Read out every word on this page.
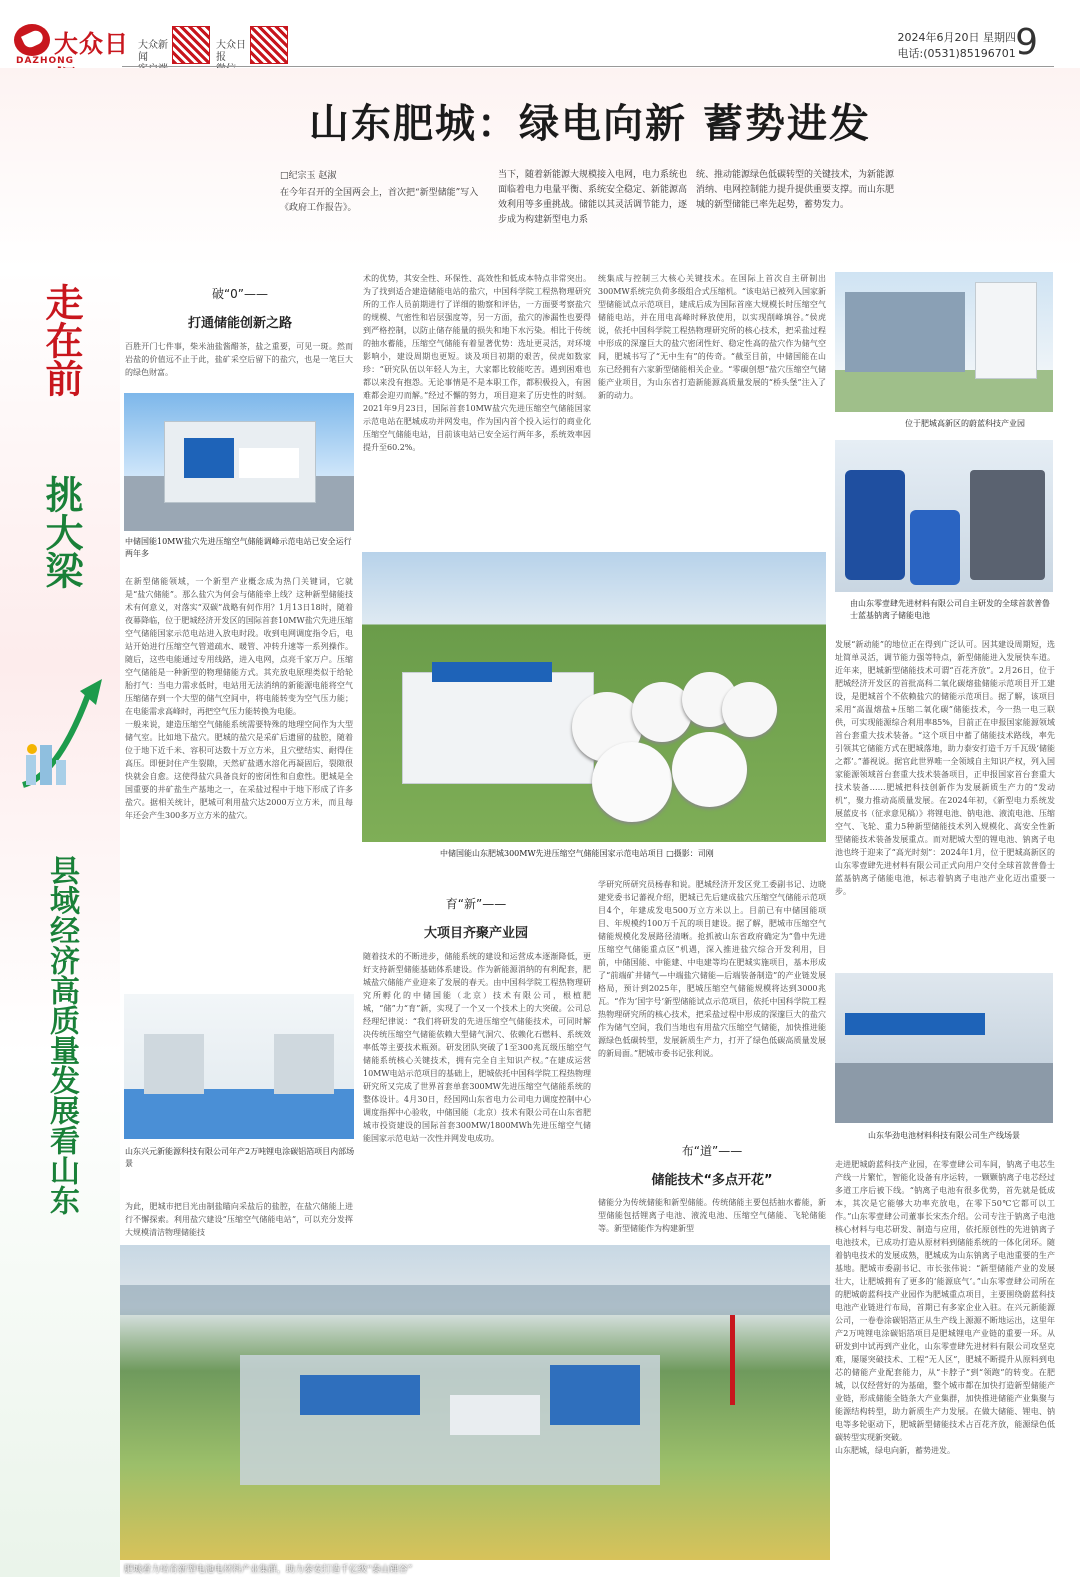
大众日
DAZHONG
大众新闻

大众日报

2024年6月20日 星期四
电话:(0531)85196701 9
山东肥城：绿电向新 蓄势进发
□纪宗玉 赵淑
在今年召开的全国两会上，首次把“新型储能”写入《政府工作报告》。
当下，随着新能源大规模接入电网，电力系统也面临着电力电量平衡、系统安全稳定、新能源高效利用等多重挑战。储能以其灵活调节能力，逐步成为构建新型电力系
统、推动能源绿色低碳转型的关键技术，为新能源消纳、电网控制能力提升提供重要支撑。而山东肥城的新型储能已率先起势，蓄势发力。
走在前
挑大梁
县域经济高质量发展看山东
破“0”——
打通储能创新之路
百胜开门七件事，柴米油盐酱醋茶，盐之重要，可见一斑。然而岩盐的价值远不止于此，盐矿采空后留下的盐穴，也是一笔巨大的绿色财富。
中储国能10MW盐穴先进压缩空气储能调峰示范电站已安全运行两年多
在新型储能领域，一个新型产业概念成为热门关键词，它就是“盐穴储能”。那么盐穴为何会与储能牵上线？这种新型储能技术有何意义，对落实“双碳”战略有何作用？1月13日18时，随着夜幕降临，位于肥城经济开发区的国际首套10MW盐穴先进压缩空气储能国家示范电站进入放电时段。收到电网调度指令后，电站开始进行压缩空气管道疏水、暖管、冲转升速等一系列操作。随后，这些电能通过专用线路，进入电网，点亮千家万户。压缩空气储能是一种新型的物理储能方式。其充放电原理类似于给轮胎打气：当电力需求低时，电站用无法消纳的新能源电能将空气压缩储存到一个大型的储气空间中，将电能转变为空气压力能；在电能需求高峰时，再把空气压力能转换为电能。
一般来说，建造压缩空气储能系统需要特殊的地理空间作为大型储气室。比如地下盐穴。肥城的盐穴是采矿后遗留的盐腔，随着位于地下近千米、容积可达数十万立方米，且穴壁结实、耐得住高压。即便封住产生裂隙，天然矿盐遇水溶化再凝固后，裂隙很快就会自愈。这使得盐穴具备良好的密闭性和自愈性。肥城是全国重要的井矿盐生产基地之一，在采盐过程中于地下形成了许多盐穴。据相关统计，肥城可利用盐穴达2000万立方米，而且每年还会产生300多万立方米的盐穴。
山东兴元新能源科技有限公司年产2万吨锂电涂碳铝箔项目内部场景
为此，肥城市把目光由制盐瞄向采盐后的盐腔，在盐穴储能上进行不懈探索。利用盐穴建设“压缩空气储能电站”，可以充分发挥大规模清洁物理储能技
术的优势，其安全性、环保性、高效性和低成本特点非常突出。为了找到适合建造储能电站的盐穴，中国科学院工程热物理研究所的工作人员前期进行了详细的勘察和评估，一方面要考察盐穴的规模、气密性和岩层强度等，另一方面，盐穴的渗漏性也要得到严格控制，以防止储存能量的损失和地下水污染。相比于传统的抽水蓄能，压缩空气储能有着显著优势：选址更灵活，对环境影响小，建设周期也更短。谈及项目初期的艰苦，侯虎如数家珍：“研究队伍以年轻人为主，大家都比较能吃苦。遇到困难也都以来没有抱怨。无论事情是不是本职工作，都积极投入，有困难都会迎刃而解。”经过不懈的努力，项目迎来了历史性的时刻。2021年9月23日，国际首套10MW盐穴先进压缩空气储能国家示范电站在肥城成功并网发电，作为国内首个投入运行的商业化压缩空气储能电站，目前该电站已安全运行两年多，系统效率因提升至60.2%。
统集成与控制三大核心关键技术。在国际上首次自主研制出300MW系统完负荷多级组合式压缩机。“该电站已被列入国家新型储能试点示范项目，建成后成为国际首座大规模长时压缩空气储能电站，并在用电高峰时释放使用，以实现削峰填谷。”侯虎说，依托中国科学院工程热物理研究所的核心技术，把采盐过程中形成的深邃巨大的盐穴密闭性好、稳定性高的盐穴作为储气空间，肥城书写了“无中生有”的传奇。“截至目前，中储国能在山东已经拥有六家新型储能相关企业。“零碳创想”盐穴压缩空气储能产业项目，为山东省打造新能源高质量发展的“桥头堡”注入了新的动力。
中储国能山东肥城300MW先进压缩空气储能国家示范电站项目 □摄影：司刚
育“新”——
大项目齐聚产业园
随着技术的不断进步，储能系统的建设和运营成本逐渐降低，更好支持新型储能基础体系建设。作为新能源消纳的有利配套，肥城盐穴储能产业迎来了发展的春天。由中国科学院工程热物理研究所孵化的中储国能（北京）技术有限公司，根植肥城，“储”力“育”新，实现了一个又一个技术上的大突破。公司总经理纪律说：“我们将研发的先进压缩空气储能技术，可同时解决传统压缩空气储能依赖大型储气洞穴、依赖化石燃料、系统效率低等主要技术瓶颈。研发团队突破了1至300兆瓦级压缩空气储能系统核心关键技术，拥有完全自主知识产权。”在建成运营10MW电站示范项目的基础上，肥城依托中国科学院工程热物理研究所又完成了世界首套单套300MW先进压缩空气储能系统的整体设计。4月30日，经国网山东省电力公司电力调度控制中心调度指挥中心验收，中储国能（北京）技术有限公司在山东省肥城市投资建设的国际首套300MW/1800MWh先进压缩空气储能国家示范电站一次性并网发电成功。
学研究所研究员杨春和说。肥城经济开发区党工委副书记、边晓建党委书记蕃视介绍，肥城已先后建成盐穴压缩空气储能示范项目4个，年建成发电500万立方米以上。目前已有中储国能项目、年规模约100万千瓦的项目建设。据了解，肥城市压缩空气储能规模化发展路径清晰。抢抓被山东省政府确定为“鲁中先进压缩空气储能重点区”机遇，深入推进盐穴综合开发利用，目前，中储国能、中能建、中电建等均在肥城实施项目，基本形成了“前端矿井储气—中端盐穴储能—后端装备制造”的产业链发展格局，预计到2025年，肥城压缩空气储能规模将达到3000兆瓦。“作为‘国字号’新型储能试点示范项目，依托中国科学院工程热物理研究所的核心技术，把采盐过程中形成的深邃巨大的盐穴作为储气空间，我们当地也有用盐穴压缩空气储能，加快推进能源绿色低碳转型，发展新质生产力，打开了绿色低碳高质量发展的新局面。”肥城市委书记张利说。
布“道”——
储能技术“多点开花”
储能分为传统储能和新型储能。传统储能主要包括抽水蓄能，新型储能包括锂离子电池、液流电池、压缩空气储能、飞轮储能等。新型储能作为构建新型
位于肥城高新区的蔚蓝科技产业园
由山东零壹肆先进材料有限公司自主研发的全球首款普鲁士蓝基钠离子储能电池
发展“新动能”的地位正在得到广泛认可。因其建设周期短，选址简单灵活，调节能力强等特点，新型储能进入发展快车道。近年来，肥城新型储能技术可谓“百花齐放”。2月26日，位于肥城经济开发区的首批高科二氧化碳熔盐储能示范项目开工建设，是肥城首个不依赖盐穴的储能示范项目。据了解，该项目采用“高温熔盐+压缩二氧化碳”储能技术，今一热一电三联供，可实现能源综合利用率85%，目前正在申报国家能源领域首台套重大技术装备。“这个项目中蓄了储能技术路线，率先引领其它储能方式在肥城落地，助力泰安打造千万千瓦级‘储能之都’。”蕃视说。据官此世界唯一全领域自主知识产权，列入国家能源领域首台套重大技术装备项目，正申报国家首台套重大技术装备……肥城把科技创新作为发展新质生产力的“发动机”，聚力推动高质量发展。在2024年初，《新型电力系统发展蓝皮书（征求意见稿）》将锂电池、钠电池、液流电池、压缩空气、飞轮、重力5种新型储能技术列入规模化、高安全性新型储能技术装备发展重点。而对肥城大型的锂电池、钠离子电池也终于迎来了“高光时刻”：2024年1月，位于肥城高新区的山东零壹肆先进材料有限公司正式向用户交付全球首款普鲁士蓝基钠离子储能电池，标志着钠离子电池产业化迈出重要一步。
山东华劲电池材料科技有限公司生产线场景
走进肥城蔚蓝科技产业园，在零壹肆公司车间，钠离子电芯生产线一片繁忙，智能化设备有序运转，一颗颗钠离子电芯经过多道工序后被下线。“钠离子电池有很多优势，首先就是低成本，其次是它能够大功率充放电，在零下50℃它都可以工作。”山东零壹肆公司董事长宋杰介绍。公司专注于钠离子电池核心材料与电芯研发、制造与应用，依托原创性的先进钠离子电池技术，已成功打造从原材料到储能系统的一体化闭环。随着钠电技术的发展成熟，肥城成为山东钠离子电池重要的生产基地。肥城市委副书记、市长张伟说：“新型储能产业的发展壮大，让肥城拥有了更多的‘能源底气’。”山东零壹肆公司所在的肥城蔚蓝科技产业园作为肥城重点项目，主要围绕蔚蓝科技电池产业链进行布局，首期已有多家企业入驻。在兴元新能源公司，一卷卷涂碳铝箔正从生产线上源源不断地运出，这里年产2万吨锂电涂碳铝箔项目是肥城锂电产业链的重要一环。从研发到中试再到产业化，山东零壹肆先进材料有限公司攻坚克难，屡屡突破技术、工程“无人区”，肥城不断提升从原料到电芯的储能产业配套能力，从“卡脖子”到“领跑”的转变。在肥城，以仅经营好的为基础，整个城市都在加快打造新型储能产业链，形成储能全链条大产业集群，加快推进储能产业集聚与能源结构转型，助力新质生产力发展。在做大储能、锂电、钠电等多轮驱动下，肥城新型储能技术占百花齐放，能源绿色低碳转型实现新突破。
山东肥城，绿电向新，蓄势进发。
肥城着力培育新型电池电材料产业集群，助力泰安打造千亿级“泰山锂谷”
